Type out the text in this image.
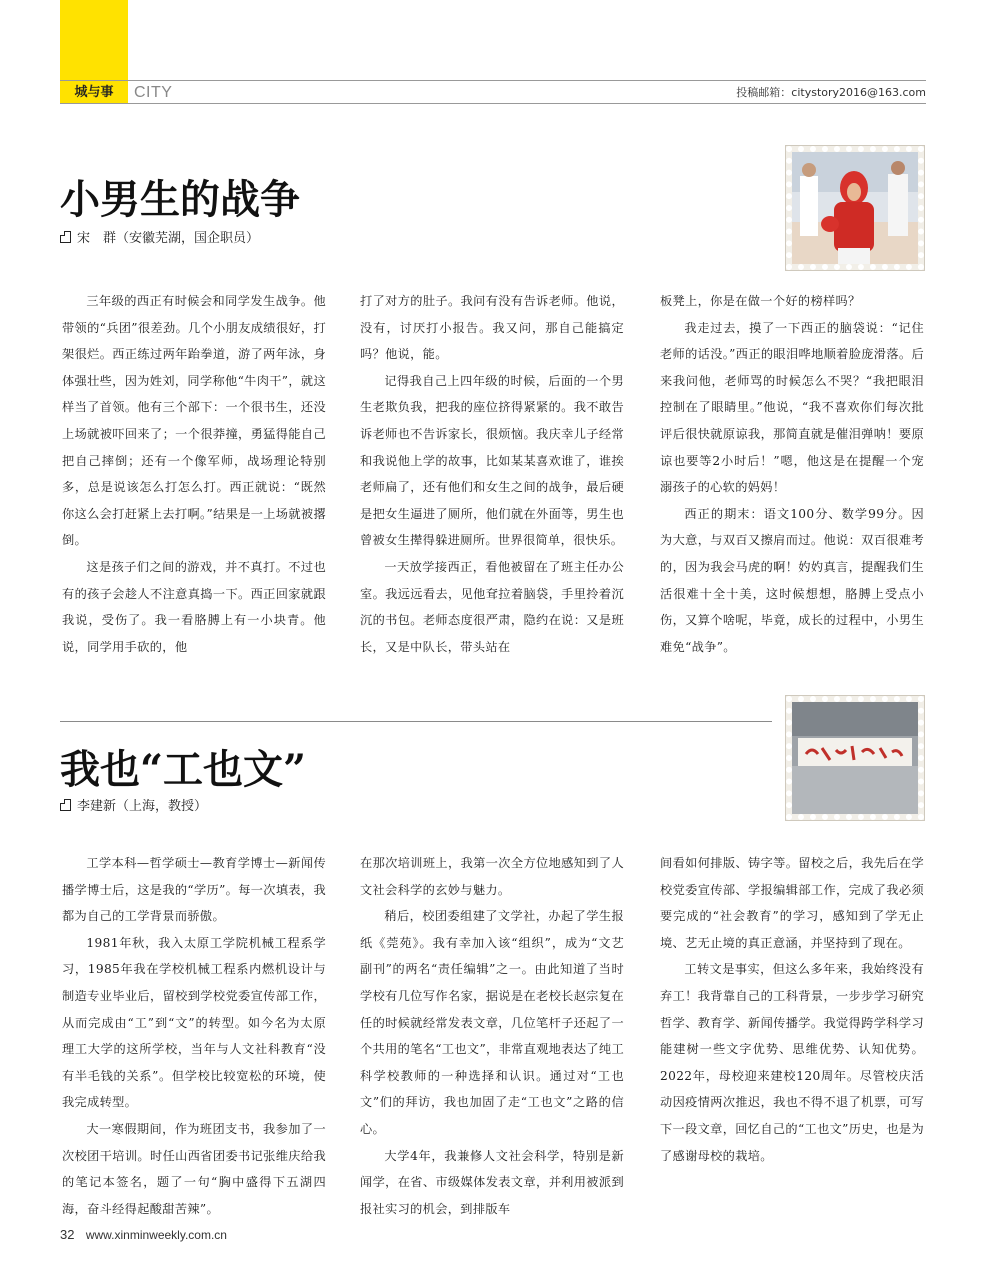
城与事	CITY	投稿邮箱：citystory2016@163.com
小男生的战争
宋　群（安徽芜湖，国企职员）

三年级的西正有时候会和同学发生战争。他带领的“兵团”很差劲。几个小朋友成绩很好，打架很烂。西正练过两年跆拳道，游了两年泳，身体强壮些，因为姓刘，同学称他“牛肉干”，就这样当了首领。他有三个部下：一个很书生，还没上场就被吓回来了；一个很莽撞，勇猛得能自己把自己摔倒；还有一个像军师，战场理论特别多，总是说该怎么打怎么打。西正就说：“既然你这么会打赶紧上去打啊。”结果是一上场就被撂倒。

这是孩子们之间的游戏，并不真打。不过也有的孩子会趁人不注意真捣一下。西正回家就跟我说，受伤了。我一看胳膊上有一小块青。他说，同学用手砍的，他

打了对方的肚子。我问有没有告诉老师。他说，没有，讨厌打小报告。我又问，那自己能搞定吗？他说，能。

记得我自己上四年级的时候，后面的一个男生老欺负我，把我的座位挤得紧紧的。我不敢告诉老师也不告诉家长，很烦恼。我庆幸儿子经常和我说他上学的故事，比如某某喜欢谁了，谁挨老师扁了，还有他们和女生之间的战争，最后硬是把女生逼进了厕所，他们就在外面等，男生也曾被女生撵得躲进厕所。世界很简单，很快乐。

一天放学接西正，看他被留在了班主任办公室。我远远看去，见他耷拉着脑袋，手里拎着沉沉的书包。老师态度很严肃，隐约在说：又是班长，又是中队长，带头站在

板凳上，你是在做一个好的榜样吗？

我走过去，摸了一下西正的脑袋说：“记住老师的话没。”西正的眼泪哗地顺着脸庞滑落。后来我问他，老师骂的时候怎么不哭？“我把眼泪控制在了眼睛里。”他说，“我不喜欢你们每次批评后很快就原谅我，那简直就是催泪弹呐！要原谅也要等2小时后！”嗯，他这是在提醒一个宠溺孩子的心软的妈妈！

西正的期末：语文100分、数学99分。因为大意，与双百又擦肩而过。他说：双百很难考的，因为我会马虎的啊！妁妁真言，提醒我们生活很难十全十美，这时候想想，胳膊上受点小伤，又算个啥呢，毕竟，成长的过程中，小男生难免“战争”。

我也“工也文”
李建新（上海，教授）

工学本科—哲学硕士—教育学博士—新闻传播学博士后，这是我的“学历”。每一次填表，我都为自己的工学背景而骄傲。

1981年秋，我入太原工学院机械工程系学习，1985年我在学校机械工程系内燃机设计与制造专业毕业后，留校到学校党委宣传部工作，从而完成由“工”到“文”的转型。如今名为太原理工大学的这所学校，当年与人文社科教育“没有半毛钱的关系”。但学校比较宽松的环境，使我完成转型。

大一寒假期间，作为班团支书，我参加了一次校团干培训。时任山西省团委书记张维庆给我的笔记本签名，题了一句“胸中盛得下五湖四海，奋斗经得起酸甜苦辣”。

在那次培训班上，我第一次全方位地感知到了人文社会科学的玄妙与魅力。

稍后，校团委组建了文学社，办起了学生报纸《莞苑》。我有幸加入该“组织”，成为“文艺副刊”的两名“责任编辑”之一。由此知道了当时学校有几位写作名家，据说是在老校长赵宗复在任的时候就经常发表文章，几位笔杆子还起了一个共用的笔名“工也文”，非常直观地表达了纯工科学校教师的一种选择和认识。通过对“工也文”们的拜访，我也加固了走“工也文”之路的信心。

大学4年，我兼修人文社会科学，特别是新闻学，在省、市级媒体发表文章，并利用被派到报社实习的机会，到排版车

间看如何排版、铸字等。留校之后，我先后在学校党委宣传部、学报编辑部工作，完成了我必须要完成的“社会教育”的学习，感知到了学无止境、艺无止境的真正意涵，并坚持到了现在。

工转文是事实，但这么多年来，我始终没有弃工！我背靠自己的工科背景，一步步学习研究哲学、教育学、新闻传播学。我觉得跨学科学习能建树一些文字优势、思维优势、认知优势。2022年，母校迎来建校120周年。尽管校庆活动因疫情两次推迟，我也不得不退了机票，可写下一段文章，回忆自己的“工也文”历史，也是为了感谢母校的栽培。

32 www.xinminweekly.com.cn
